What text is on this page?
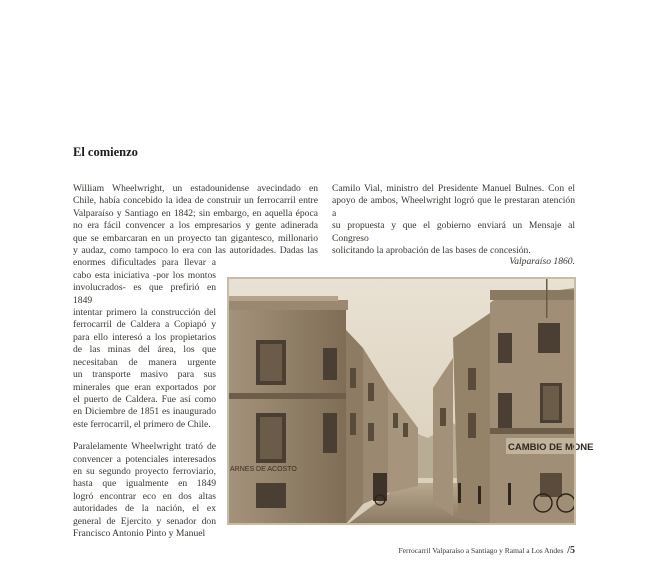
El comienzo

William Wheelwright, un estadounidense avecindado en
Chile, había concebido la idea de construir un ferrocarril entre
Valparaíso y Santiago en 1842; sin embargo, en aquella época
no era fácil convencer a los empresarios y gente adinerada
que se embarcaran en un proyecto tan gigantesco, millonario
y audaz, como tampoco lo era con las autoridades. Dadas las
enormes dificultades para llevar a
cabo esta iniciativa -por los montos
involucrados- es que prefirió en 1849
intentar primero la construcción del
ferrocarril de Caldera a Copiapó y
para ello interesó a los propietarios
de las minas del área, los que
necesitaban de manera urgente
un transporte masivo para sus
minerales que eran exportados por
el puerto de Caldera. Fue así como
en Diciembre de 1851 es inaugurado
este ferrocarril, el primero de Chile.

Paralelamente Wheelwright trató de
convencer a potenciales interesados
en su segundo proyecto ferroviario,
hasta que igualmente en 1849
logró encontrar eco en dos altas
autoridades de la nación, el ex
general de Ejercito y senador don
Francisco Antonio Pinto y Manuel

Camilo Vial, ministro del Presidente Manuel Bulnes. Con el
apoyo de ambos, Wheelwright logró que le prestaran atención a
su propuesta y que el gobierno enviará un Mensaje al Congreso
solicitando la aprobación de las bases de concesión.

Valparaíso 1860.
ARNES DE ACOSTO
CAMBIO DE MONE
Ferrocarril Valparaíso a Santiago y Ramal a Los Andes /5
